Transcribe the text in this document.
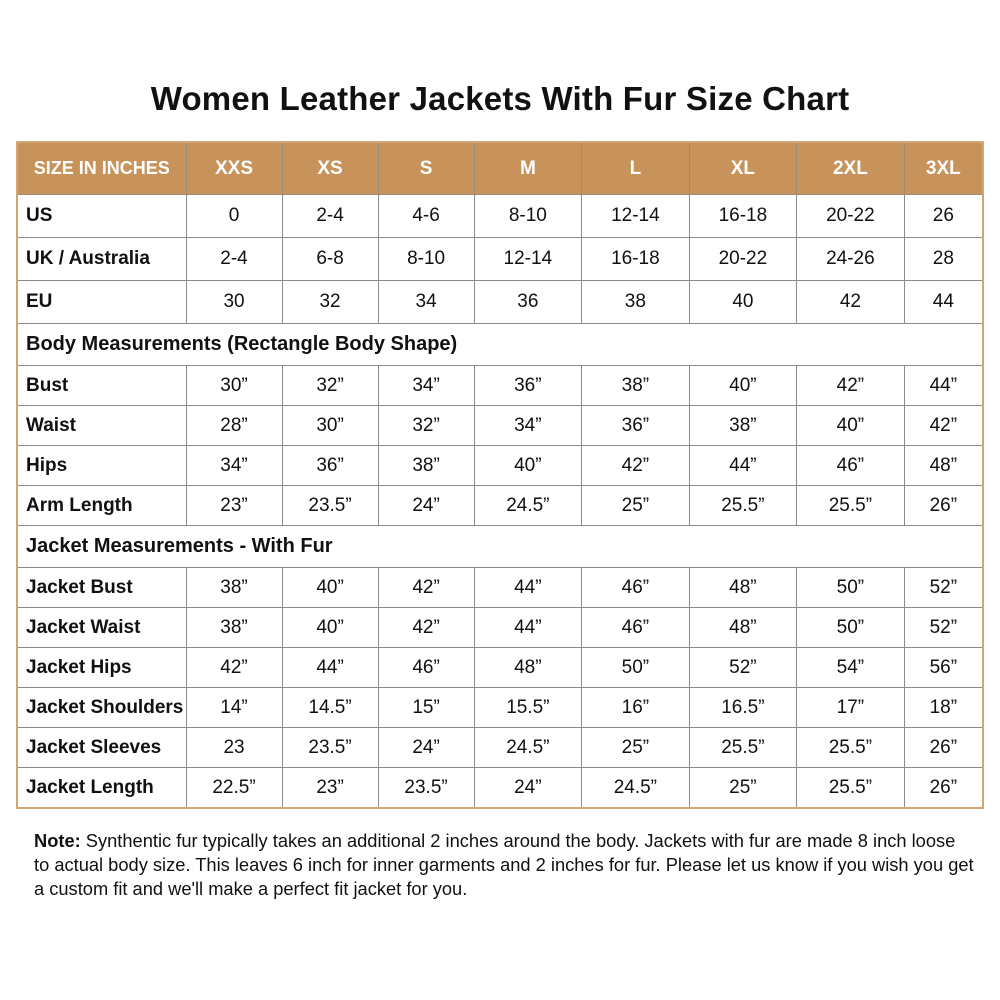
Women Leather Jackets With Fur Size Chart
SIZE IN INCHES	XXS	XS	S	M	L	XL	2XL	3XL
US	0	2-4	4-6	8-10	12-14	16-18	20-22	26
UK / Australia	2-4	6-8	8-10	12-14	16-18	20-22	24-26	28
EU	30	32	34	36	38	40	42	44
Body Measurements (Rectangle Body Shape)								
Bust	30”	32”	34”	36”	38”	40”	42”	44”
Waist	28”	30”	32”	34”	36”	38”	40”	42”
Hips	34”	36”	38”	40”	42”	44”	46”	48”
Arm Length	23”	23.5”	24”	24.5”	25”	25.5”	25.5”	26”
Jacket Measurements - With Fur								
Jacket Bust	38”	40”	42”	44”	46”	48”	50”	52”
Jacket Waist	38”	40”	42”	44”	46”	48”	50”	52”
Jacket Hips	42”	44”	46”	48”	50”	52”	54”	56”
Jacket Shoulders	14”	14.5”	15”	15.5”	16”	16.5”	17”	18”
Jacket Sleeves	23	23.5”	24”	24.5”	25”	25.5”	25.5”	26”
Jacket Length	22.5”	23”	23.5”	24”	24.5”	25”	25.5”	26”
Note: Synthentic fur typically takes an additional 2 inches around the body. Jackets with fur are made 8 inch loose to actual body size. This leaves 6 inch for inner garments and 2 inches for fur. Please let us know if you wish you get a custom fit and we'll make a perfect fit jacket for you.
